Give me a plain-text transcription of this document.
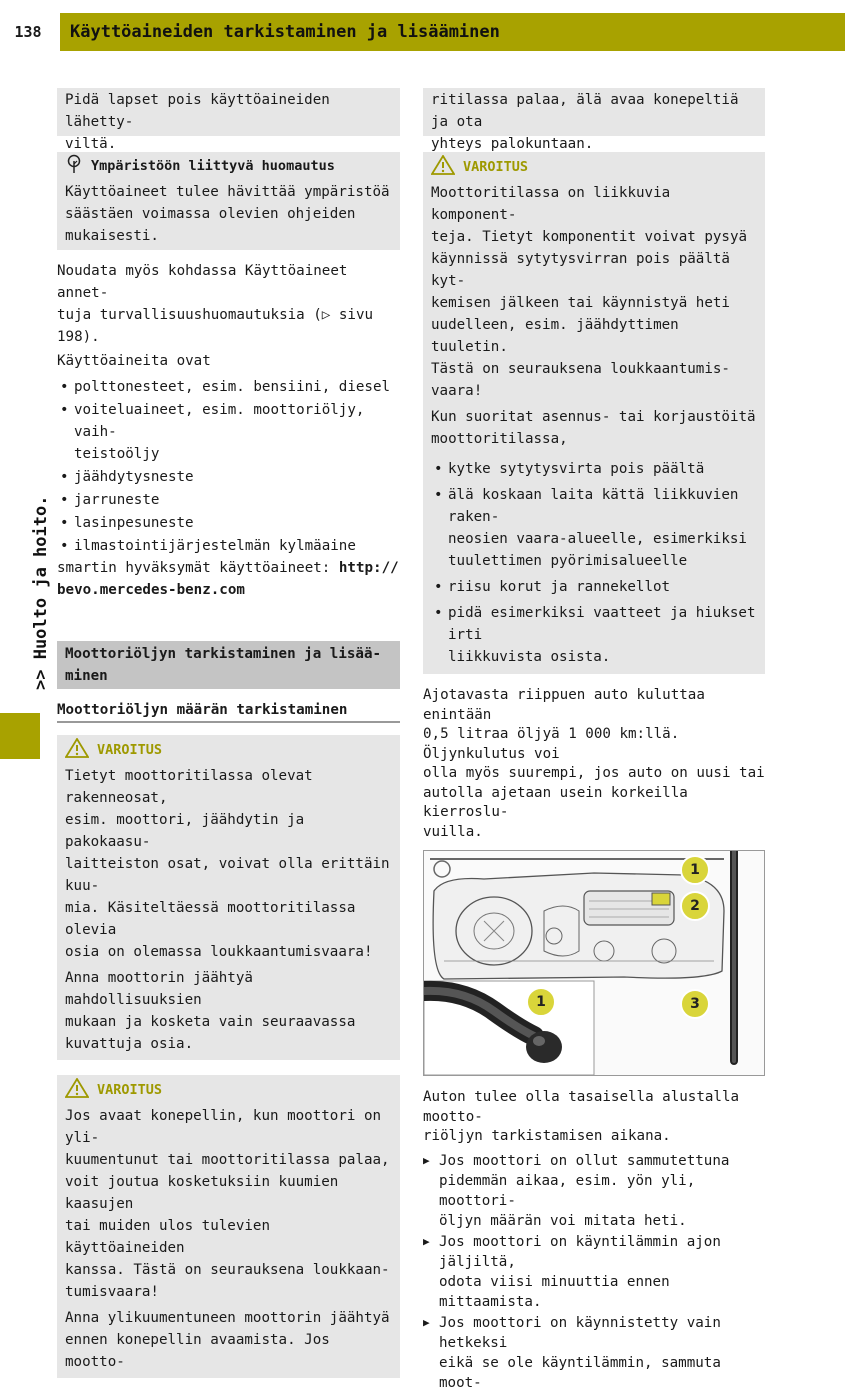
138	Käyttöaineiden tarkistaminen ja lisääminen
>> Huolto ja hoito.
Pidä lapset pois käyttöaineiden lähetty-
viltä.
Ympäristöön liittyvä huomautus
Käyttöaineet tulee hävittää ympäristöä
säästäen voimassa olevien ohjeiden
mukaisesti.
Noudata myös kohdassa Käyttöaineet annet-
tuja turvallisuushuomautuksia (▷ sivu 198).
Käyttöaineita ovat
• polttonesteet, esim. bensiini, diesel
• voiteluaineet, esim. moottoriöljy, vaih-
teistoöljy
• jäähdytysneste
• jarruneste
• lasinpesuneste
• ilmastointijärjestelmän kylmäaine
smartin hyväksymät käyttöaineet: http://
bevo.mercedes-benz.com
Moottoriöljyn tarkistaminen ja lisää-
minen
Moottoriöljyn määrän tarkistaminen
VAROITUS
Tietyt moottoritilassa olevat rakenneosat,
esim. moottori, jäähdytin ja pakokaasu-
laitteiston osat, voivat olla erittäin kuu-
mia. Käsiteltäessä moottoritilassa olevia
osia on olemassa loukkaantumisvaara!
Anna moottorin jäähtyä mahdollisuuksien
mukaan ja kosketa vain seuraavassa
kuvattuja osia.
VAROITUS
Jos avaat konepellin, kun moottori on yli-
kuumentunut tai moottoritilassa palaa,
voit joutua kosketuksiin kuumien kaasujen
tai muiden ulos tulevien käyttöaineiden
kanssa. Tästä on seurauksena loukkaan-
tumisvaara!
Anna ylikuumentuneen moottorin jäähtyä
ennen konepellin avaamista. Jos mootto-
ritilassa palaa, älä avaa konepeltiä ja ota
yhteys palokuntaan.
VAROITUS
Moottoritilassa on liikkuvia komponent-
teja. Tietyt komponentit voivat pysyä
käynnissä sytytysvirran pois päältä kyt-
kemisen jälkeen tai käynnistyä heti
uudelleen, esim. jäähdyttimen tuuletin.
Tästä on seurauksena loukkaantumis-
vaara!
Kun suoritat asennus- tai korjaustöitä
moottoritilassa,
• kytke sytytysvirta pois päältä
• älä koskaan laita kättä liikkuvien raken-
neosien vaara-alueelle, esimerkiksi
tuulettimen pyörimisalueelle
• riisu korut ja rannekellot
• pidä esimerkiksi vaatteet ja hiukset irti
liikkuvista osista.
Ajotavasta riippuen auto kuluttaa enintään
0,5 litraa öljyä 1 000 km:llä. Öljynkulutus voi
olla myös suurempi, jos auto on uusi tai
autolla ajetaan usein korkeilla kierroslu-
vuilla.
1
2
3
1
Auton tulee olla tasaisella alustalla mootto-
riöljyn tarkistamisen aikana.
▶ Jos moottori on ollut sammutettuna
pidemmän aikaa, esim. yön yli, moottori-
öljyn määrän voi mitata heti.
▶ Jos moottori on käyntilämmin ajon jäljiltä,
odota viisi minuuttia ennen mittaamista.
▶ Jos moottori on käynnistetty vain hetkeksi
eikä se ole käyntilämmin, sammuta moot-
